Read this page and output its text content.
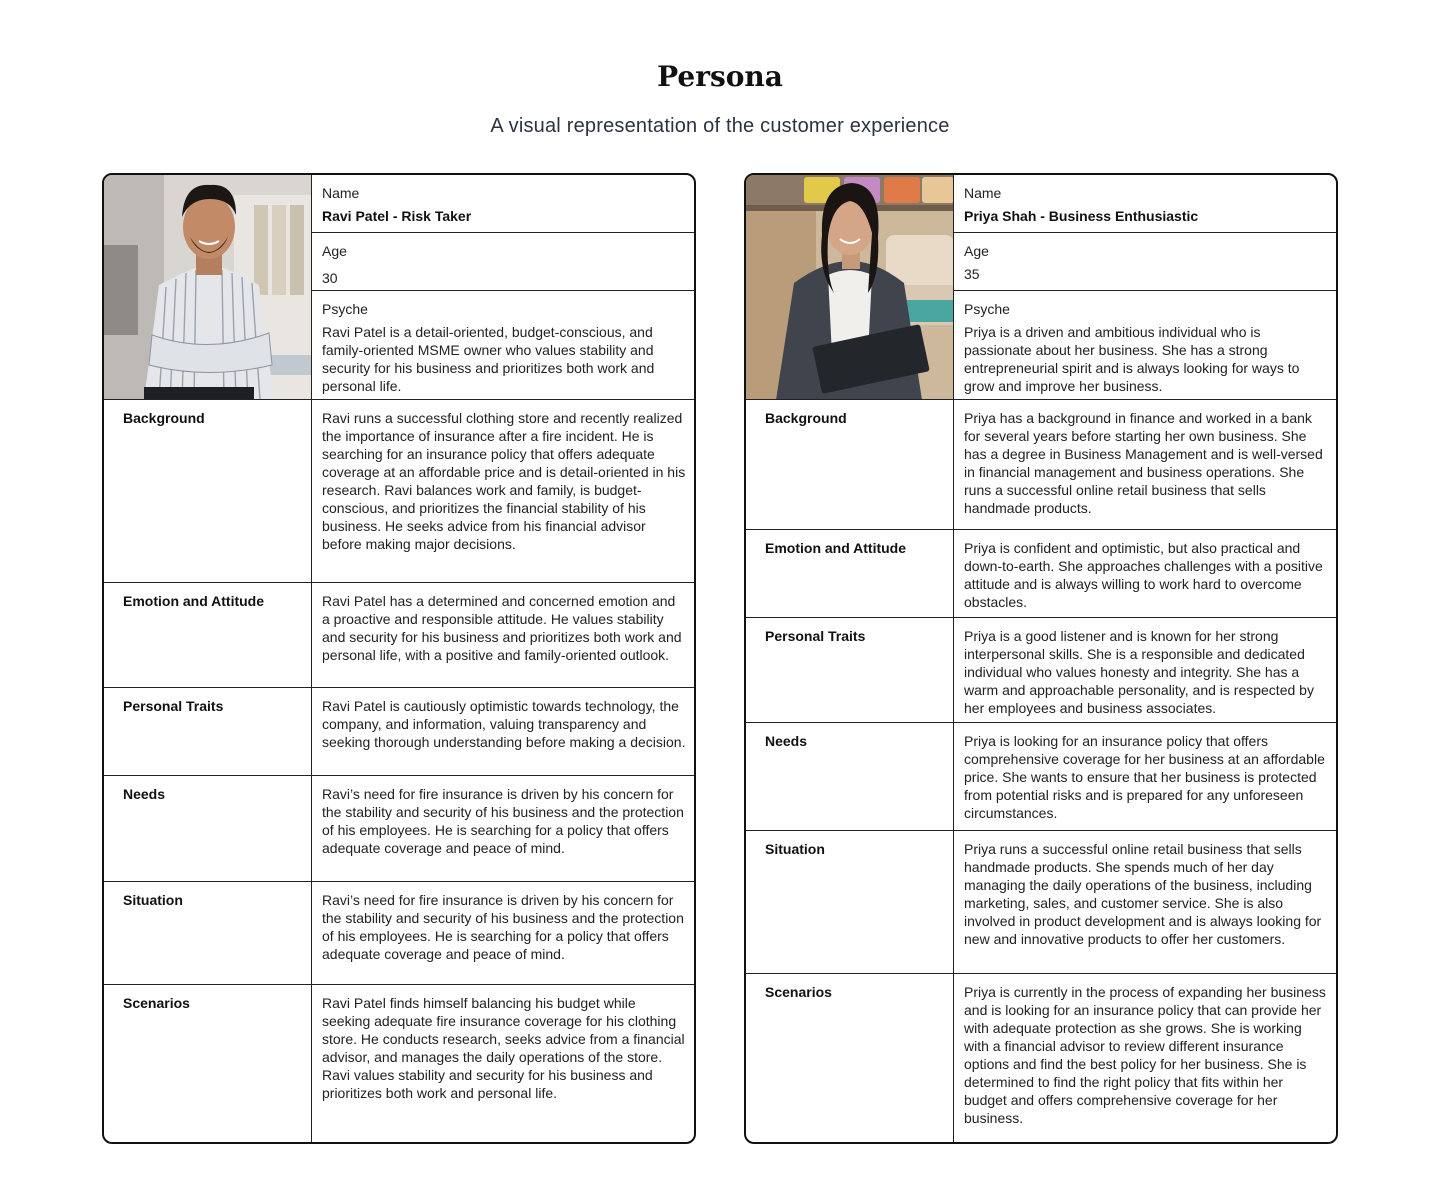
Persona
A visual representation of the customer experience
Name
Ravi Patel - Risk Taker
Age
30
Psyche
Ravi Patel is a detail-oriented, budget-conscious, and family-oriented MSME owner who values stability and security for his business and prioritizes both work and personal life.
Background	Ravi runs a successful clothing store and recently realized the importance of insurance after a fire incident. He is searching for an insurance policy that offers adequate coverage at an affordable price and is detail-oriented in his research. Ravi balances work and family, is budget-conscious, and prioritizes the financial stability of his business. He seeks advice from his financial advisor before making major decisions.
Emotion and Attitude	Ravi Patel has a determined and concerned emotion and a proactive and responsible attitude. He values stability and security for his business and prioritizes both work and personal life, with a positive and family-oriented outlook.
Personal Traits	Ravi Patel is cautiously optimistic towards technology, the company, and information, valuing transparency and seeking thorough understanding before making a decision.
Needs	Ravi’s need for fire insurance is driven by his concern for the stability and security of his business and the protection of his employees. He is searching for a policy that offers adequate coverage and peace of mind.
Situation	Ravi’s need for fire insurance is driven by his concern for the stability and security of his business and the protection of his employees. He is searching for a policy that offers adequate coverage and peace of mind.
Scenarios	Ravi Patel finds himself balancing his budget while seeking adequate fire insurance coverage for his clothing store. He conducts research, seeks advice from a financial advisor, and manages the daily operations of the store. Ravi values stability and security for his business and prioritizes both work and personal life.
Name
Priya Shah - Business Enthusiastic
Age
35
Psyche
Priya is a driven and ambitious individual who is passionate about her business. She has a strong entrepreneurial spirit and is always looking for ways to grow and improve her business.
Background	Priya has a background in finance and worked in a bank for several years before starting her own business. She has a degree in Business Management and is well-versed in financial management and business operations. She runs a successful online retail business that sells handmade products.
Emotion and Attitude	Priya is confident and optimistic, but also practical and down-to-earth. She approaches challenges with a positive attitude and is always willing to work hard to overcome obstacles.
Personal Traits	Priya is a good listener and is known for her strong interpersonal skills. She is a responsible and dedicated individual who values honesty and integrity. She has a warm and approachable personality, and is respected by her employees and business associates.
Needs	Priya is looking for an insurance policy that offers comprehensive coverage for her business at an affordable price. She wants to ensure that her business is protected from potential risks and is prepared for any unforeseen circumstances.
Situation	Priya runs a successful online retail business that sells handmade products. She spends much of her day managing the daily operations of the business, including marketing, sales, and customer service. She is also involved in product development and is always looking for new and innovative products to offer her customers.
Scenarios	Priya is currently in the process of expanding her business and is looking for an insurance policy that can provide her with adequate protection as she grows. She is working with a financial advisor to review different insurance options and find the best policy for her business. She is determined to find the right policy that fits within her budget and offers comprehensive coverage for her business.
